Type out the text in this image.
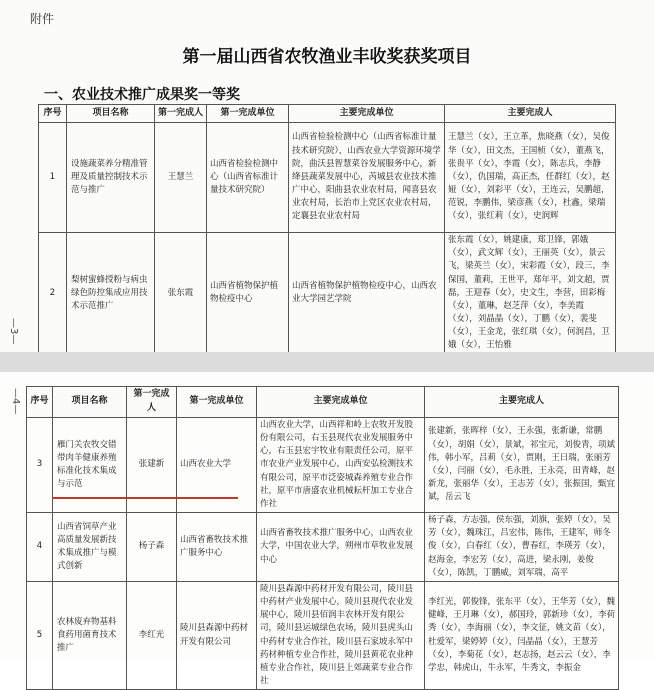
附件
第一届山西省农牧渔业丰收奖获奖项目
一、农业技术推广成果奖一等奖
—3—
序号	项目名称	第一完成人	第一完成单位	主要完成单位	主要完成人
1	设施蔬菜养分精准管理及质量控制技术示范与推广	王慧兰	山西省检验检测中心（山西省标准计量技术研究院）	山西省检验检测中心（山西省标准计量技术研究院），山西农业大学资源环境学院，曲沃县智慧菜谷发展服务中心，新绛县蔬菜发展中心，芮城县农业技术推广中心，阳曲县农业农村局，闻喜县农业农村局，长治市上党区农业农村局，定襄县农业农村局	王慧兰（女），王立革，焦晓燕（女），吴俊华（女），田文杰，王国桢（女），董燕飞，张贵平（女），李霞（女），陈志兵，李静（女），仇国瑞，高正杰，任群红（女），赵娅（女），刘彩平（女），王连云，吴鹏超，范锐，李鹏伟，梁彦燕（女），杜鑫，梁瑞（女），张红莉（女），史润辉
2	梨树蜜蜂授粉与病虫绿色防控集成应用技术示范推广	张东霞	山西省植物保护植物检疫中心	山西省植物保护植物检疫中心，山西农业大学园艺学院	张东霞（女），姚建康，郑卫锋，郭娥（女），武文辉（女），王丽英（女），景云飞，梁英兰（女），宋彩霞（女），段三，李保国，董莉，王世平，郑年平，刘文超，贾磊，王迎春（女），史文生，李营，田彩梅（女），董琳，赵芝萍（女），李美霞（女），刘晶晶（女），丁鹏（女），裴斐（女），王金龙，张红琪（女），何润昌，卫娥（女），王怡雅
—4— 序号	项目名称	第一完成人	第一完成单位	主要完成单位	主要完成人
3	雁门关农牧交错带肉羊健康养殖标准化技术集成与示范	张建新	山西农业大学	山西农业大学，山西祥和岭上农牧开发股份有限公司，右玉县现代农业发展服务中心，右玉县宏宇牧业有限责任公司，原平市农业产业发展中心，山西安弘检测技术有限公司，原平市泛姿城森养殖专业合作社，原平市唐盛农业机械耘杆加工专业合作社	张建新，张晖梓（女），王永强，张新谦，常鹏（女），胡娟（女），景斌，祁宝元，刘俊青，项斌伟，韩小军，吕莉（女），贾刚，王日瑞，张丽芳（女），闫丽（女），毛永胜，王永亮，田青峰，赵新龙，张丽华（女），王志芳（女），张振国，甄宜斌，岳云飞
4	山西省饲草产业高质量发展新技术集成推广与模式创新	杨子森	山西省畜牧技术推广服务中心	山西省畜牧技术推广服务中心，山西农业大学，中国农业大学，朔州市草牧业发展中心	杨子森，方志强，侯东强，刘旗，张婷（女），吴芳（女），魏珠江，吕宏伟，陈伟，王建军，师冬俊（女），白春红（女），曹春红，李瑛芳（女），赵海金，李宏芳（女），高进，梁永刚，姜俊（女），陈凯，丁鹏威，刘军瑞，高平
5	农林废弃物基料食药用菌育技术推广	李红光	陵川县森源中药材开发有限公司	陵川县森源中药材开发有限公司，陵川县中药材产业发展中心，陵川县现代农业发展中心，陵川县佰润丰农林开发有限公司，陵川县运城绿色农场，陵川县虎头山中药材专业合作社，陵川县石家坡永军中药材种植专业合作社，陵川县黄花农业种植专业合作社，陵川县上郊蔬菜专业合作社	李红光，郭俊锋，张东平（女），王华芳（女），魏健峰，王月琳（女），郝国玲，郭新珍（女），李荷秀（女），李海丽（女），李文征，姚文苗（女），杜爱军，梁婷婷（女），闫晶晶（女），王慧芳（女），李菊花（女），赵志扬，赵云云（女），李学忠，韩虎山，牛永军，牛秀文，李振金
